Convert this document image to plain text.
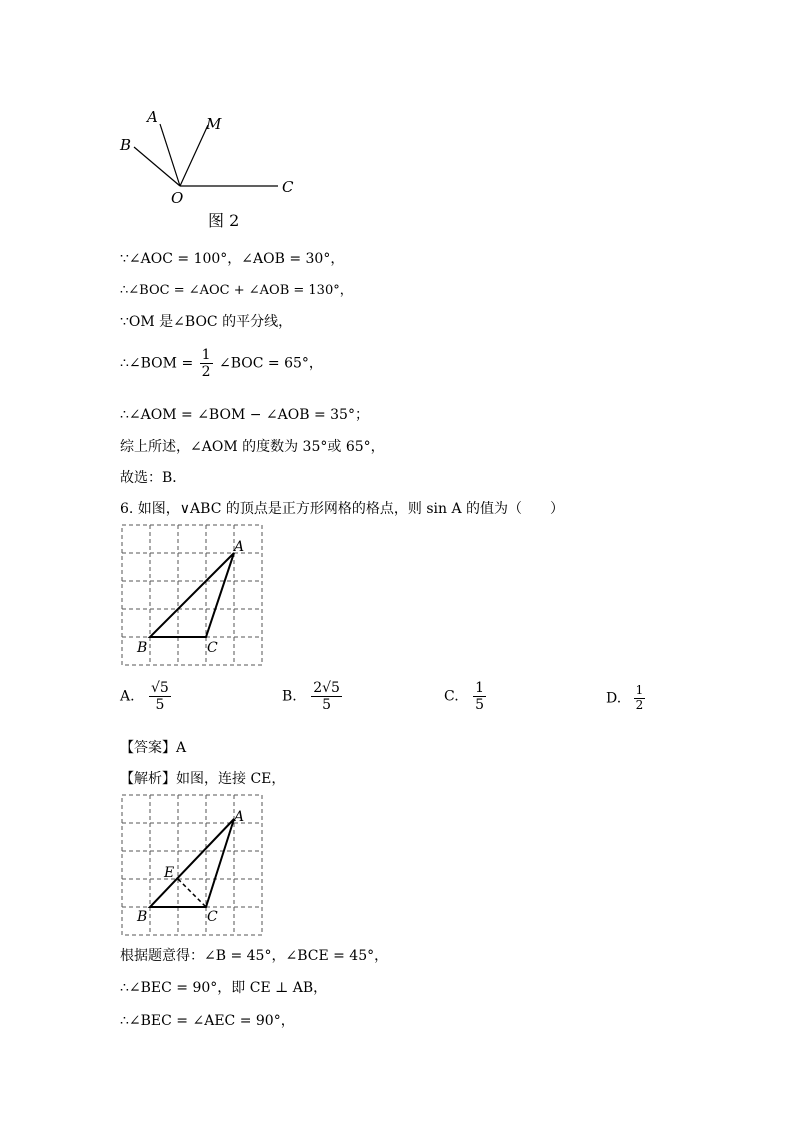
A	M
B
O
C
图 2
∵∠AOC = 100°，∠AOB = 30°，
∴∠BOC = ∠AOC + ∠AOB = 130°，
∵OM 是∠BOC 的平分线，
∴∠BOM = $\frac{1}{2}$ ∠BOC = 65°，
∴∠AOM = ∠BOM − ∠AOB = 35°；
综上所述，∠AOM 的度数为 35°或 65°，
故选：B．
6. 如图，∨ABC 的顶点是正方形网格的格点，则 sin A 的值为（　　）
A
B	C
A. $\frac{√5}{5}$	B. $\frac{2√5}{5}$	C. $\frac{1}{5}$	D. $\frac{1}{2}$
【答案】A
【解析】如图，连接 CE，
A
E
B	C
根据题意得：∠B = 45°，∠BCE = 45°，
∴∠BEC = 90°，即 CE ⊥ AB，
∴∠BEC = ∠AEC = 90°，
